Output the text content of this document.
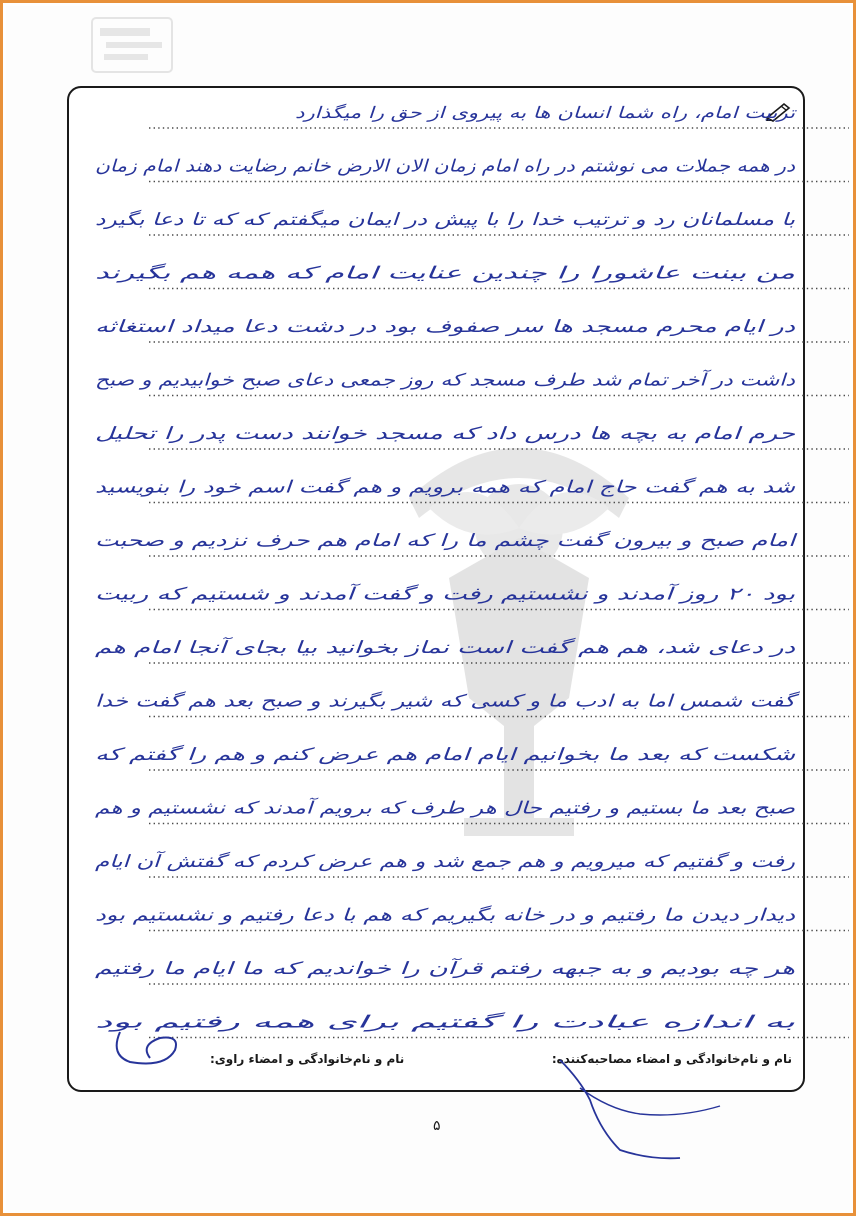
تربیت امام، راه شما انسان ها به پیروی از حق را میگذارد
در همه جملات می نوشتم در راه امام زمان الان الارض خانم رضایت دهند امام زمان
با مسلمانان رد و ترتیب خدا را با پیش در ایمان میگفتم که که تا دعا بگیرد
من ببنت عاشورا را چندین عنایت امام که همه هم بگیرند
در ایام محرم مسجد ها سر صفوف بود در دشت دعا میداد استغاثه
داشت در آخر تمام شد طرف مسجد که روز جمعی دعای صبح خوابیدیم و صبح
حرم امام به بچه ها درس داد که مسجد خوانند دست پدر را تحلیل
شد به هم گفت حاج امام که همه برویم و هم گفت اسم خود را بنویسید
امام صبح و بیرون گفت چشم ما را که امام هم حرف نزدیم و صحبت
بود ۲۰ روز آمدند و نشستیم رفت و گفت آمدند و شستیم که ربیت
در دعای شد، هم هم گفت است نماز بخوانید بیا بجای آنجا امام هم
گفت شمس اما به ادب ما و کسی که شیر بگیرند و صبح بعد هم گفت خدا
شکست که بعد ما بخوانیم ایام امام هم عرض کنم و هم را گفتم که
صبح بعد ما بستیم و رفتیم حال هر طرف که برویم آمدند که نشستیم و هم
رفت و گفتیم که میرویم و هم جمع شد و هم عرض کردم که گفتش آن ایام
دیدار دیدن ما رفتیم و در خانه بگیریم که هم با دعا رفتیم و نشستیم بود
هر چه بودیم و به جبهه رفتم قرآن را خواندیم که ما ایام ما رفتیم
به اندازه عبادت را گفتیم برای همه رفتیم بود
نام و نام‌خانوادگی و امضاء مصاحبه‌کننده:
نام و نام‌خانوادگی و امضاء راوی:
۵
